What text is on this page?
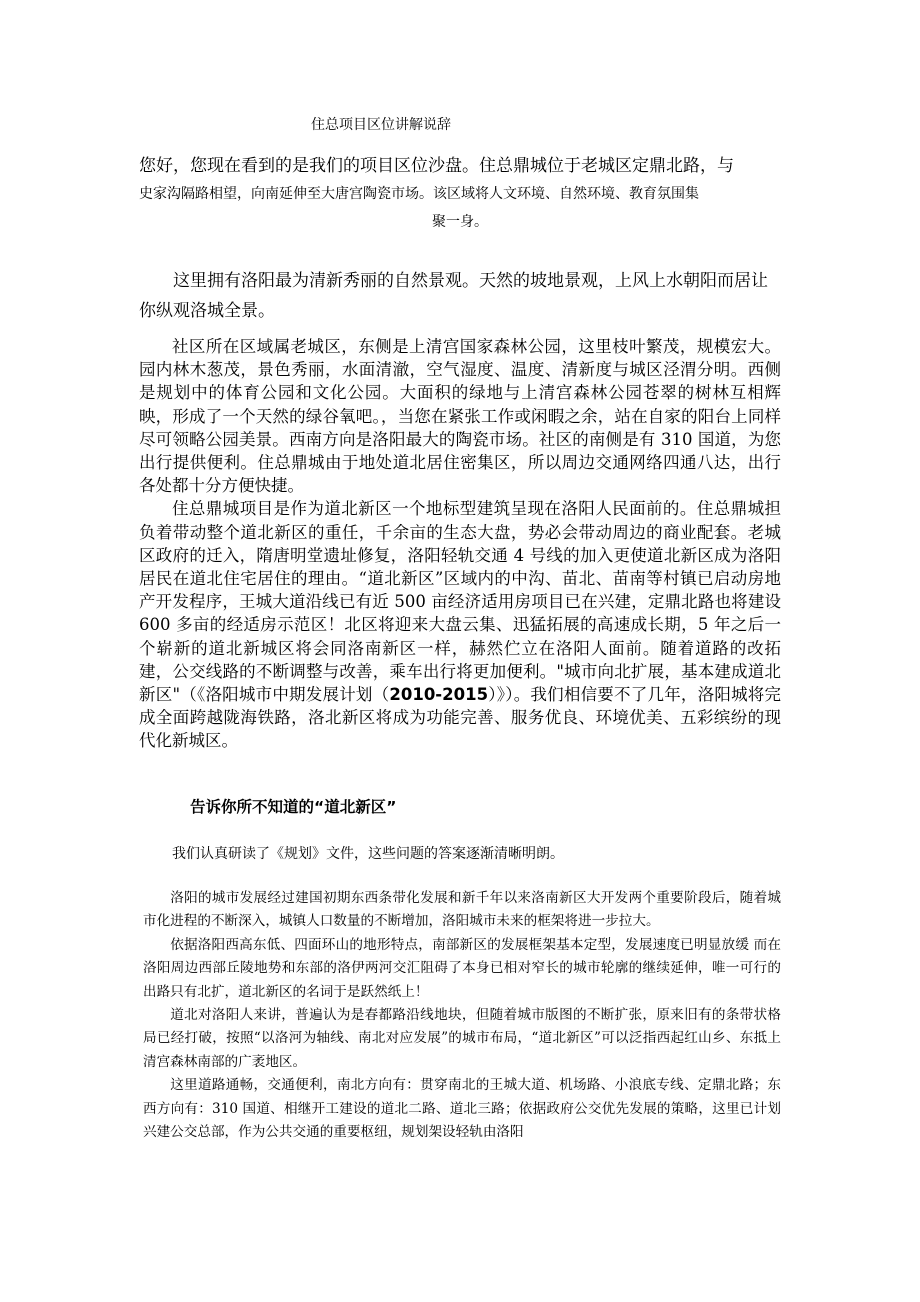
住总项目区位讲解说辞
您好，您现在看到的是我们的项目区位沙盘。住总鼎城位于老城区定鼎北路，与
史家沟隔路相望，向南延伸至大唐宫陶瓷市场。该区域将人文环境、自然环境、教育氛围集
聚一身。
这里拥有洛阳最为清新秀丽的自然景观。天然的坡地景观，上风上水朝阳而居让你纵观洛城全景。

社区所在区域属老城区，东侧是上清宫国家森林公园，这里枝叶繁茂，规模宏大。园内林木葱茂，景色秀丽，水面清澈，空气湿度、温度、清新度与城区泾渭分明。西侧是规划中的体育公园和文化公园。大面积的绿地与上清宫森林公园苍翠的树林互相辉映，形成了一个天然的绿谷氧吧。，当您在紧张工作或闲暇之余，站在自家的阳台上同样尽可领略公园美景。西南方向是洛阳最大的陶瓷市场。社区的南侧是有 310 国道，为您出行提供便利。住总鼎城由于地处道北居住密集区，所以周边交通网络四通八达，出行各处都十分方便快捷。

住总鼎城项目是作为道北新区一个地标型建筑呈现在洛阳人民面前的。住总鼎城担负着带动整个道北新区的重任，千余亩的生态大盘，势必会带动周边的商业配套。老城区政府的迁入，隋唐明堂遗址修复，洛阳轻轨交通 4 号线的加入更使道北新区成为洛阳居民在道北住宅居住的理由。“道北新区”区域内的中沟、苗北、苗南等村镇已启动房地产开发程序，王城大道沿线已有近 500 亩经济适用房项目已在兴建，定鼎北路也将建设 600 多亩的经适房示范区！北区将迎来大盘云集、迅猛拓展的高速成长期，5 年之后一个崭新的道北新城区将会同洛南新区一样，赫然伫立在洛阳人面前。随着道路的改拓建，公交线路的不断调整与改善，乘车出行将更加便利。"城市向北扩展，基本建成道北新区"（《洛阳城市中期发展计划（2010-2015）》）。我们相信要不了几年，洛阳城将完成全面跨越陇海铁路，洛北新区将成为功能完善、服务优良、环境优美、五彩缤纷的现代化新城区。

告诉你所不知道的“道北新区”
我们认真研读了《规划》文件，这些问题的答案逐渐清晰明朗。

洛阳的城市发展经过建国初期东西条带化发展和新千年以来洛南新区大开发两个重要阶段后，随着城市化进程的不断深入，城镇人口数量的不断增加，洛阳城市未来的框架将进一步拉大。

依据洛阳西高东低、四面环山的地形特点，南部新区的发展框架基本定型，发展速度已明显放缓 而在洛阳周边西部丘陵地势和东部的洛伊两河交汇阻碍了本身已相对窄长的城市轮廓的继续延伸，唯一可行的出路只有北扩，道北新区的名词于是跃然纸上！

道北对洛阳人来讲，普遍认为是春都路沿线地块，但随着城市版图的不断扩张，原来旧有的条带状格局已经打破，按照“以洛河为轴线、南北对应发展”的城市布局，“道北新区”可以泛指西起红山乡、东抵上清宫森林南部的广袤地区。

这里道路通畅，交通便利，南北方向有：贯穿南北的王城大道、机场路、小浪底专线、定鼎北路；东西方向有：310 国道、相继开工建设的道北二路、道北三路；依据政府公交优先发展的策略，这里已计划兴建公交总部，作为公共交通的重要枢纽，规划架设轻轨由洛阳
